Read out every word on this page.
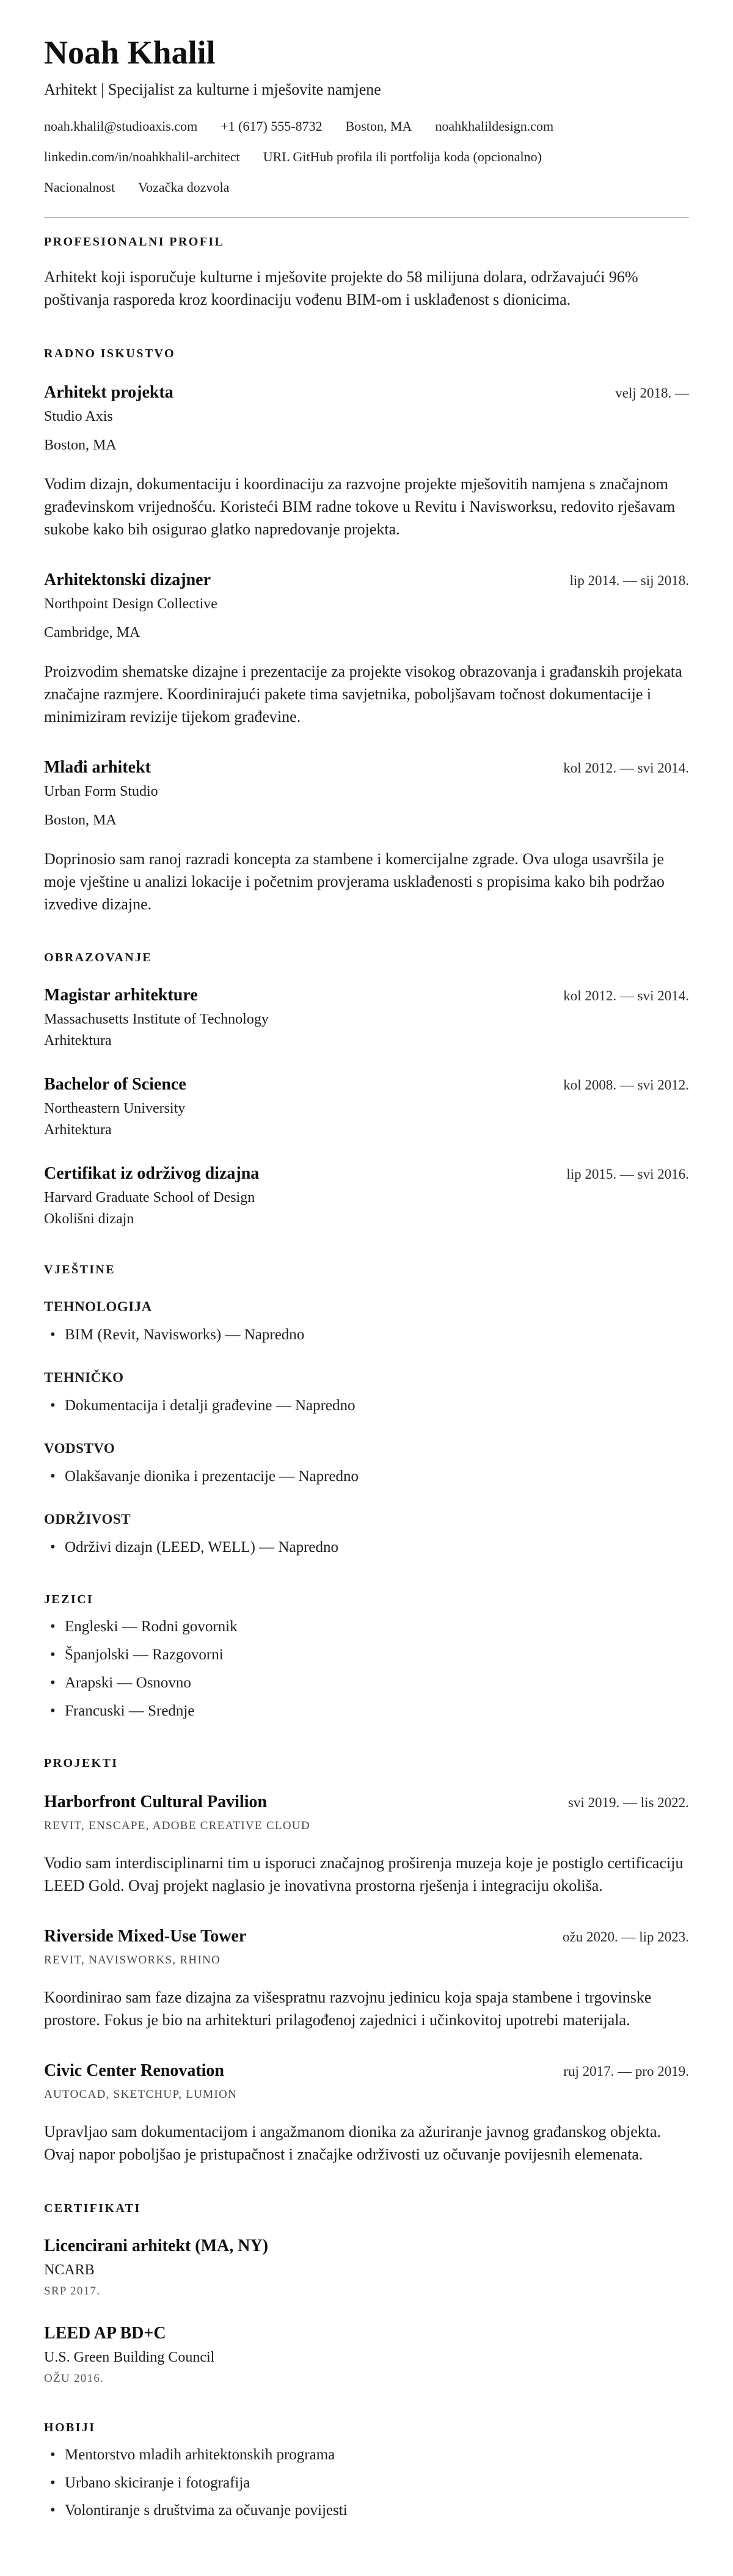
Noah Khalil
Arhitekt | Specijalist za kulturne i mješovite namjene
noah.khalil@studioaxis.com +1 (617) 555-8732 Boston, MA noahkhalildesign.com
linkedin.com/in/noahkhalil-architect URL GitHub profila ili portfolija koda (opcionalno)
Nacionalnost Vozačka dozvola
PROFESIONALNI PROFIL

Arhitekt koji isporučuje kulturne i mješovite projekte do 58 milijuna dolara, održavajući 96% poštivanja rasporeda kroz koordinaciju vođenu BIM-om i usklađenost s dionicima.

RADNO ISKUSTVO
Arhitekt projekta	velj 2018. —
Studio Axis
Boston, MA

Vodim dizajn, dokumentaciju i koordinaciju za razvojne projekte mješovitih namjena s značajnom građevinskom vrijednošću. Koristeći BIM radne tokove u Revitu i Navisworksu, redovito rješavam sukobe kako bih osigurao glatko napredovanje projekta.

Arhitektonski dizajner	lip 2014. — sij 2018.
Northpoint Design Collective
Cambridge, MA

Proizvodim shematske dizajne i prezentacije za projekte visokog obrazovanja i građanskih projekata značajne razmjere. Koordinirajući pakete tima savjetnika, poboljšavam točnost dokumentacije i minimiziram revizije tijekom građevine.

Mlađi arhitekt	kol 2012. — svi 2014.
Urban Form Studio
Boston, MA

Doprinosio sam ranoj razradi koncepta za stambene i komercijalne zgrade. Ova uloga usavršila je moje vještine u analizi lokacije i početnim provjerama usklađenosti s propisima kako bih podržao izvedive dizajne.

OBRAZOVANJE
Magistar arhitekture	kol 2012. — svi 2014.
Massachusetts Institute of Technology
Arhitektura
Bachelor of Science	kol 2008. — svi 2012.
Northeastern University
Arhitektura
Certifikat iz održivog dizajna	lip 2015. — svi 2016.
Harvard Graduate School of Design
Okolišni dizajn
VJEŠTINE
TEHNOLOGIJA
• BIM (Revit, Navisworks) — Napredno
TEHNIČKO
• Dokumentacija i detalji građevine — Napredno
VODSTVO
• Olakšavanje dionika i prezentacije — Napredno
ODRŽIVOST
• Održivi dizajn (LEED, WELL) — Napredno
JEZICI
• Engleski — Rodni govornik
• Španjolski — Razgovorni
• Arapski — Osnovno
• Francuski — Srednje
PROJEKTI
Harborfront Cultural Pavilion	svi 2019. — lis 2022.
REVIT, ENSCAPE, ADOBE CREATIVE CLOUD

Vodio sam interdisciplinarni tim u isporuci značajnog proširenja muzeja koje je postiglo certificaciju LEED Gold. Ovaj projekt naglasio je inovativna prostorna rješenja i integraciju okoliša.

Riverside Mixed-Use Tower	ožu 2020. — lip 2023.
REVIT, NAVISWORKS, RHINO

Koordinirao sam faze dizajna za višespratnu razvojnu jedinicu koja spaja stambene i trgovinske prostore. Fokus je bio na arhitekturi prilagođenoj zajednici i učinkovitoj upotrebi materijala.

Civic Center Renovation	ruj 2017. — pro 2019.
AUTOCAD, SKETCHUP, LUMION

Upravljao sam dokumentacijom i angažmanom dionika za ažuriranje javnog građanskog objekta. Ovaj napor poboljšao je pristupačnost i značajke održivosti uz očuvanje povijesnih elemenata.

CERTIFIKATI
Licencirani arhitekt (MA, NY)
NCARB
SRP 2017.
LEED AP BD+C
U.S. Green Building Council
OŽU 2016.
HOBIJI
• Mentorstvo mladih arhitektonskih programa
• Urbano skiciranje i fotografija
• Volontiranje s društvima za očuvanje povijesti
